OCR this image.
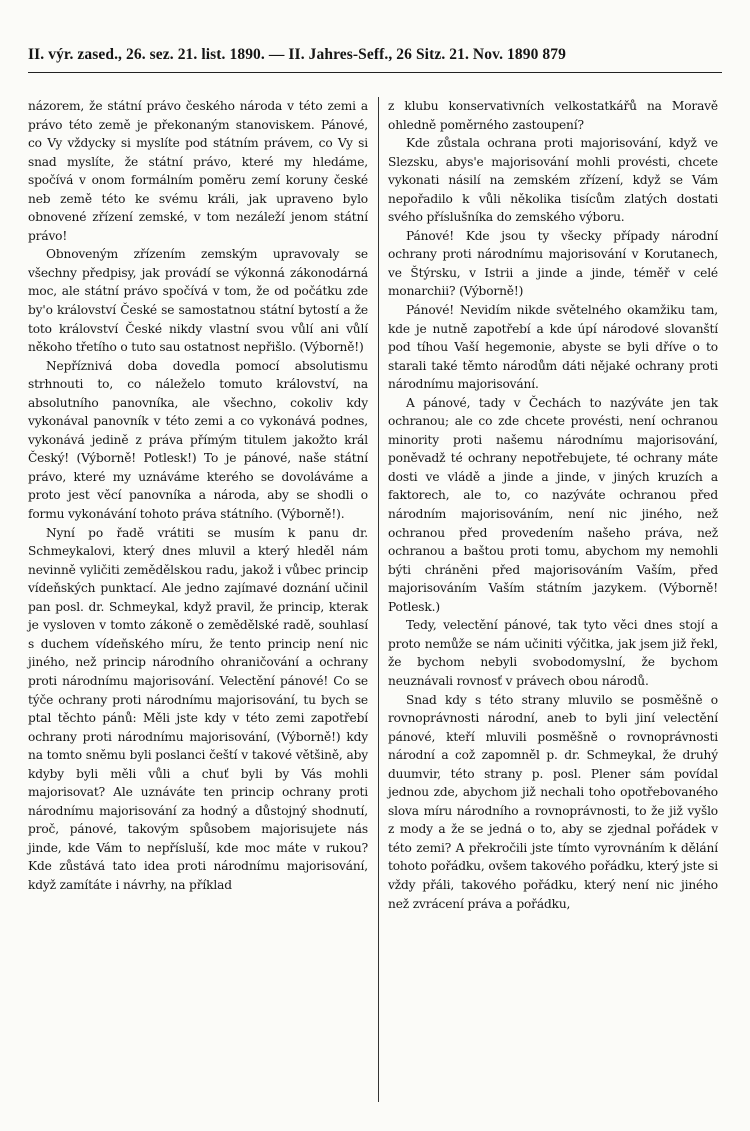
II. výr. zased., 26. sez. 21. list. 1890. — II. Jahres-Seff., 26 Sitz. 21. Nov. 1890 879

názorem, že státní právo českého národa v této zemi a právo této země je překonaným stanoviskem. Pánové, co Vy vždycky si myslíte pod státním právem, co Vy si snad myslíte, že státní právo, které my hledáme, spočívá v onom formálním poměru zemí koruny české neb země této ke svému králi, jak upraveno bylo obnovené zřízení zemské, v tom nezáleží jenom státní právo!

Obnoveným zřízením zemským upravovaly se všechny předpisy, jak provádí se výkonná zákonodárná moc, ale státní právo spočívá v tom, že od počátku zde by'o království České se samostatnou státní bytostí a že toto království České nikdy vlastní svou vůlí ani vůlí někoho třetího o tuto sau ostatnost nepřišlo. (Výborně!)

Nepříznivá doba dovedla pomocí absolutismu strhnouti to, co náleželo tomuto království, na absolutního panovníka, ale všechno, cokoliv kdy vykonával panovník v této zemi a co vykonává podnes, vykonává jedině z práva přímým titulem jakožto král Český! (Výborně! Potlesk!) To je pánové, naše státní právo, které my uznáváme kterého se dovoláváme a proto jest věcí panovníka a národa, aby se shodli o formu vykonávání tohoto práva státního. (Výborně!).

Nyní po řadě vrátiti se musím k panu dr. Schmeykalovi, který dnes mluvil a který hleděl nám nevinně vyličiti zemědělskou radu, jakož i vůbec princip vídeňských punktací. Ale jedno zajímavé doznání učinil pan posl. dr. Schmeykal, když pravil, že princip, kterak je vysloven v tomto zákoně o zemědělské radě, souhlasí s duchem vídeňského míru, že tento princip není nic jiného, než princip národního ohraničování a ochrany proti národnímu majorisování. Velectění pánové! Co se týče ochrany proti národnímu majorisování, tu bych se ptal těchto pánů: Měli jste kdy v této zemi zapotřebí ochrany proti národnímu majorisování, (Výborně!) kdy na tomto sněmu byli poslanci čeští v takové většině, aby kdyby byli měli vůli a chuť byli by Vás mohli majorisovat? Ale uznáváte ten princip ochrany proti národnímu majorisování za hodný a důstojný shodnutí, proč, pánové, takovým spůsobem majorisujete nás jinde, kde Vám to nepřísluší, kde moc máte v rukou? Kde zůstává tato idea proti národnímu majorisování, když zamítáte i návrhy, na příklad

z klubu konservativních velkostatkářů na Moravě ohledně poměrného zastoupení?

Kde zůstala ochrana proti majorisování, když ve Slezsku, abys'e majorisování mohli provésti, chcete vykonati násilí na zemském zřízení, když se Vám nepořadilo k vůli několika tisícům zlatých dostati svého příslušníka do zemského výboru.

Pánové! Kde jsou ty všecky případy národní ochrany proti národnímu majorisování v Korutanech, ve Štýrsku, v Istrii a jinde a jinde, téměř v celé monarchii? (Výborně!)

Pánové! Nevidím nikde světelného okamžiku tam, kde je nutně zapotřebí a kde úpí národové slovanští pod tíhou Vaší hegemonie, abyste se byli dříve o to starali také těmto národům dáti nějaké ochrany proti národnímu majorisování.

A pánové, tady v Čechách to nazýváte jen tak ochranou; ale co zde chcete provésti, není ochranou minority proti našemu národnímu majorisování, poněvadž té ochrany nepotřebujete, té ochrany máte dosti ve vládě a jinde a jinde, v jiných kruzích a faktorech, ale to, co nazýváte ochranou před národním majorisováním, není nic jiného, než ochranou před provedením našeho práva, než ochranou a baštou proti tomu, abychom my nemohli býti chráněni před majorisováním Vaším, před majorisováním Vaším státním jazykem. (Výborně! Potlesk.)

Tedy, velectění pánové, tak tyto věci dnes stojí a proto nemůže se nám učiniti výčitka, jak jsem již řekl, že bychom nebyli svobodomyslní, že bychom neuznávali rovnosť v právech obou národů.

Snad kdy s této strany mluvilo se posměšně o rovnoprávnosti národní, aneb to byli jiní velectění pánové, kteří mluvili posměšně o rovnoprávnosti národní a což zapomněl p. dr. Schmeykal, že druhý duumvir, této strany p. posl. Plener sám povídal jednou zde, abychom již nechali toho opotřebovaného slova míru národního a rovnoprávnosti, to že již vyšlo z mody a že se jedná o to, aby se zjednal pořádek v této zemi? A překročili jste tímto vyrovnáním k dělání tohoto pořádku, ovšem takového pořádku, který jste si vždy přáli, takového pořádku, který není nic jiného než zvrácení práva a pořádku,
